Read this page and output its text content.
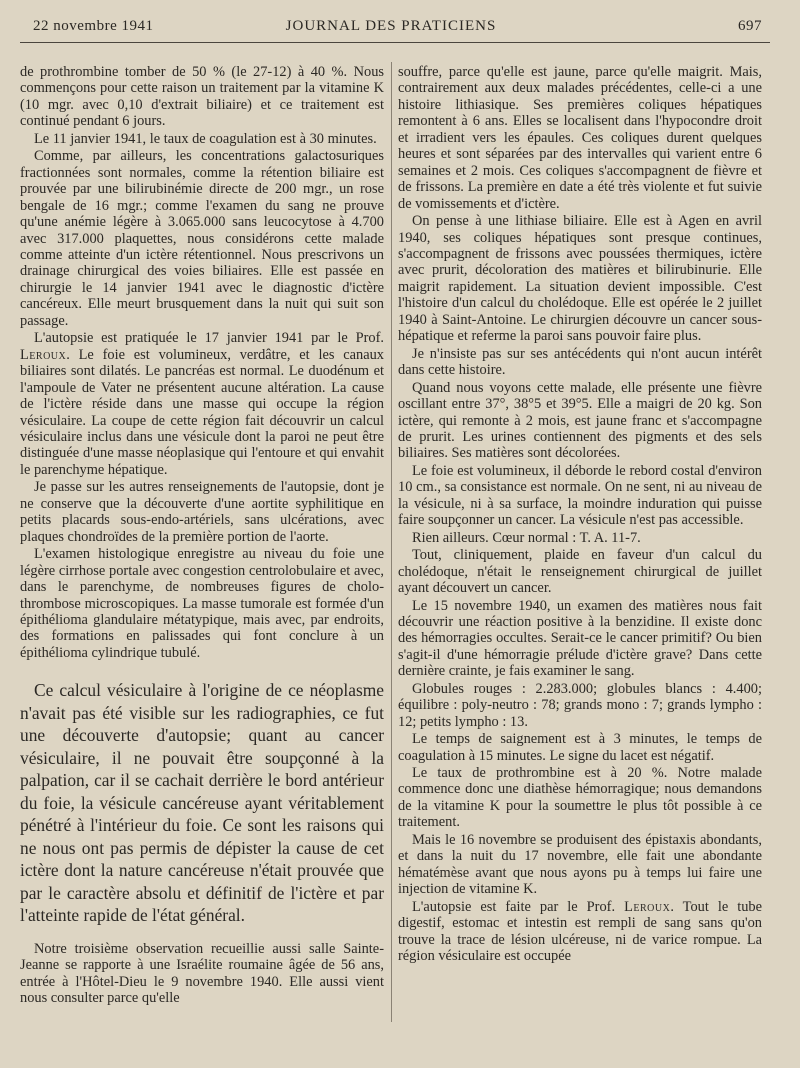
22 novembre 1941	JOURNAL DES PRATICIENS	697

de prothrombine tomber de 50 % (le 27-12) à 40 %. Nous commençons pour cette raison un traitement par la vitamine K (10 mgr. avec 0,10 d'extrait biliaire) et ce traitement est continué pendant 6 jours.

Le 11 janvier 1941, le taux de coagulation est à 30 minutes.

Comme, par ailleurs, les concentrations galactosuriques fractionnées sont normales, comme la rétention biliaire est prouvée par une bilirubinémie directe de 200 mgr., un rose bengale de 16 mgr.; comme l'examen du sang ne prouve qu'une anémie légère à 3.065.000 sans leucocytose à 4.700 avec 317.000 plaquettes, nous considérons cette malade comme atteinte d'un ictère rétentionnel. Nous prescrivons un drainage chirurgical des voies biliaires. Elle est passée en chirurgie le 14 janvier 1941 avec le diagnostic d'ictère cancéreux. Elle meurt brusquement dans la nuit qui suit son passage.

L'autopsie est pratiquée le 17 janvier 1941 par le Prof. Leroux. Le foie est volumineux, verdâtre, et les canaux biliaires sont dilatés. Le pancréas est normal. Le duodénum et l'ampoule de Vater ne présentent aucune altération. La cause de l'ictère réside dans une masse qui occupe la région vésiculaire. La coupe de cette région fait découvrir un calcul vésiculaire inclus dans une vésicule dont la paroi ne peut être distinguée d'une masse néoplasique qui l'entoure et qui envahit le parenchyme hépatique.

Je passe sur les autres renseignements de l'autopsie, dont je ne conserve que la découverte d'une aortite syphilitique en petits placards sous-endo-artériels, sans ulcérations, avec plaques chondroïdes de la première portion de l'aorte.

L'examen histologique enregistre au niveau du foie une légère cirrhose portale avec congestion centrolobulaire et avec, dans le parenchyme, de nombreuses figures de cholo-thrombose microscopiques. La masse tumorale est formée d'un épithélioma glandulaire métatypique, mais avec, par endroits, des formations en palissades qui font conclure à un épithélioma cylindrique tubulé.

Ce calcul vésiculaire à l'origine de ce néoplasme n'avait pas été visible sur les radiographies, ce fut une découverte d'autopsie; quant au cancer vésiculaire, il ne pouvait être soupçonné à la palpation, car il se cachait derrière le bord antérieur du foie, la vésicule cancéreuse ayant véritablement pénétré à l'intérieur du foie. Ce sont les raisons qui ne nous ont pas permis de dépister la cause de cet ictère dont la nature cancéreuse n'était prouvée que par le caractère absolu et définitif de l'ictère et par l'atteinte rapide de l'état général.

Notre troisième observation recueillie aussi salle Sainte-Jeanne se rapporte à une Israélite roumaine âgée de 56 ans, entrée à l'Hôtel-Dieu le 9 novembre 1940. Elle aussi vient nous consulter parce qu'elle

souffre, parce qu'elle est jaune, parce qu'elle maigrit. Mais, contrairement aux deux malades précédentes, celle-ci a une histoire lithiasique. Ses premières coliques hépatiques remontent à 6 ans. Elles se localisent dans l'hypocondre droit et irradient vers les épaules. Ces coliques durent quelques heures et sont séparées par des intervalles qui varient entre 6 semaines et 2 mois. Ces coliques s'accompagnent de fièvre et de frissons. La première en date a été très violente et fut suivie de vomissements et d'ictère.

On pense à une lithiase biliaire. Elle est à Agen en avril 1940, ses coliques hépatiques sont presque continues, s'accompagnent de frissons avec poussées thermiques, ictère avec prurit, décoloration des matières et bilirubinurie. Elle maigrit rapidement. La situation devient impossible. C'est l'histoire d'un calcul du cholédoque. Elle est opérée le 2 juillet 1940 à Saint-Antoine. Le chirurgien découvre un cancer sous-hépatique et referme la paroi sans pouvoir faire plus.

Je n'insiste pas sur ses antécédents qui n'ont aucun intérêt dans cette histoire.

Quand nous voyons cette malade, elle présente une fièvre oscillant entre 37°, 38°5 et 39°5. Elle a maigri de 20 kg. Son ictère, qui remonte à 2 mois, est jaune franc et s'accompagne de prurit. Les urines contiennent des pigments et des sels biliaires. Ses matières sont décolorées.

Le foie est volumineux, il déborde le rebord costal d'environ 10 cm., sa consistance est normale. On ne sent, ni au niveau de la vésicule, ni à sa surface, la moindre induration qui puisse faire soupçonner un cancer. La vésicule n'est pas accessible.

Rien ailleurs. Cœur normal : T. A. 11-7.

Tout, cliniquement, plaide en faveur d'un calcul du cholédoque, n'était le renseignement chirurgical de juillet ayant découvert un cancer.

Le 15 novembre 1940, un examen des matières nous fait découvrir une réaction positive à la benzidine. Il existe donc des hémorragies occultes. Serait-ce le cancer primitif? Ou bien s'agit-il d'une hémorragie prélude d'ictère grave? Dans cette dernière crainte, je fais examiner le sang.

Globules rouges : 2.283.000; globules blancs : 4.400; équilibre : poly-neutro : 78; grands mono : 7; grands lympho : 12; petits lympho : 13.

Le temps de saignement est à 3 minutes, le temps de coagulation à 15 minutes. Le signe du lacet est négatif.

Le taux de prothrombine est à 20 %. Notre malade commence donc une diathèse hémorragique; nous demandons de la vitamine K pour la soumettre le plus tôt possible à ce traitement.

Mais le 16 novembre se produisent des épistaxis abondants, et dans la nuit du 17 novembre, elle fait une abondante hématémèse avant que nous ayons pu à temps lui faire une injection de vitamine K.

L'autopsie est faite par le Prof. Leroux. Tout le tube digestif, estomac et intestin est rempli de sang sans qu'on trouve la trace de lésion ulcéreuse, ni de varice rompue. La région vésiculaire est occupée
